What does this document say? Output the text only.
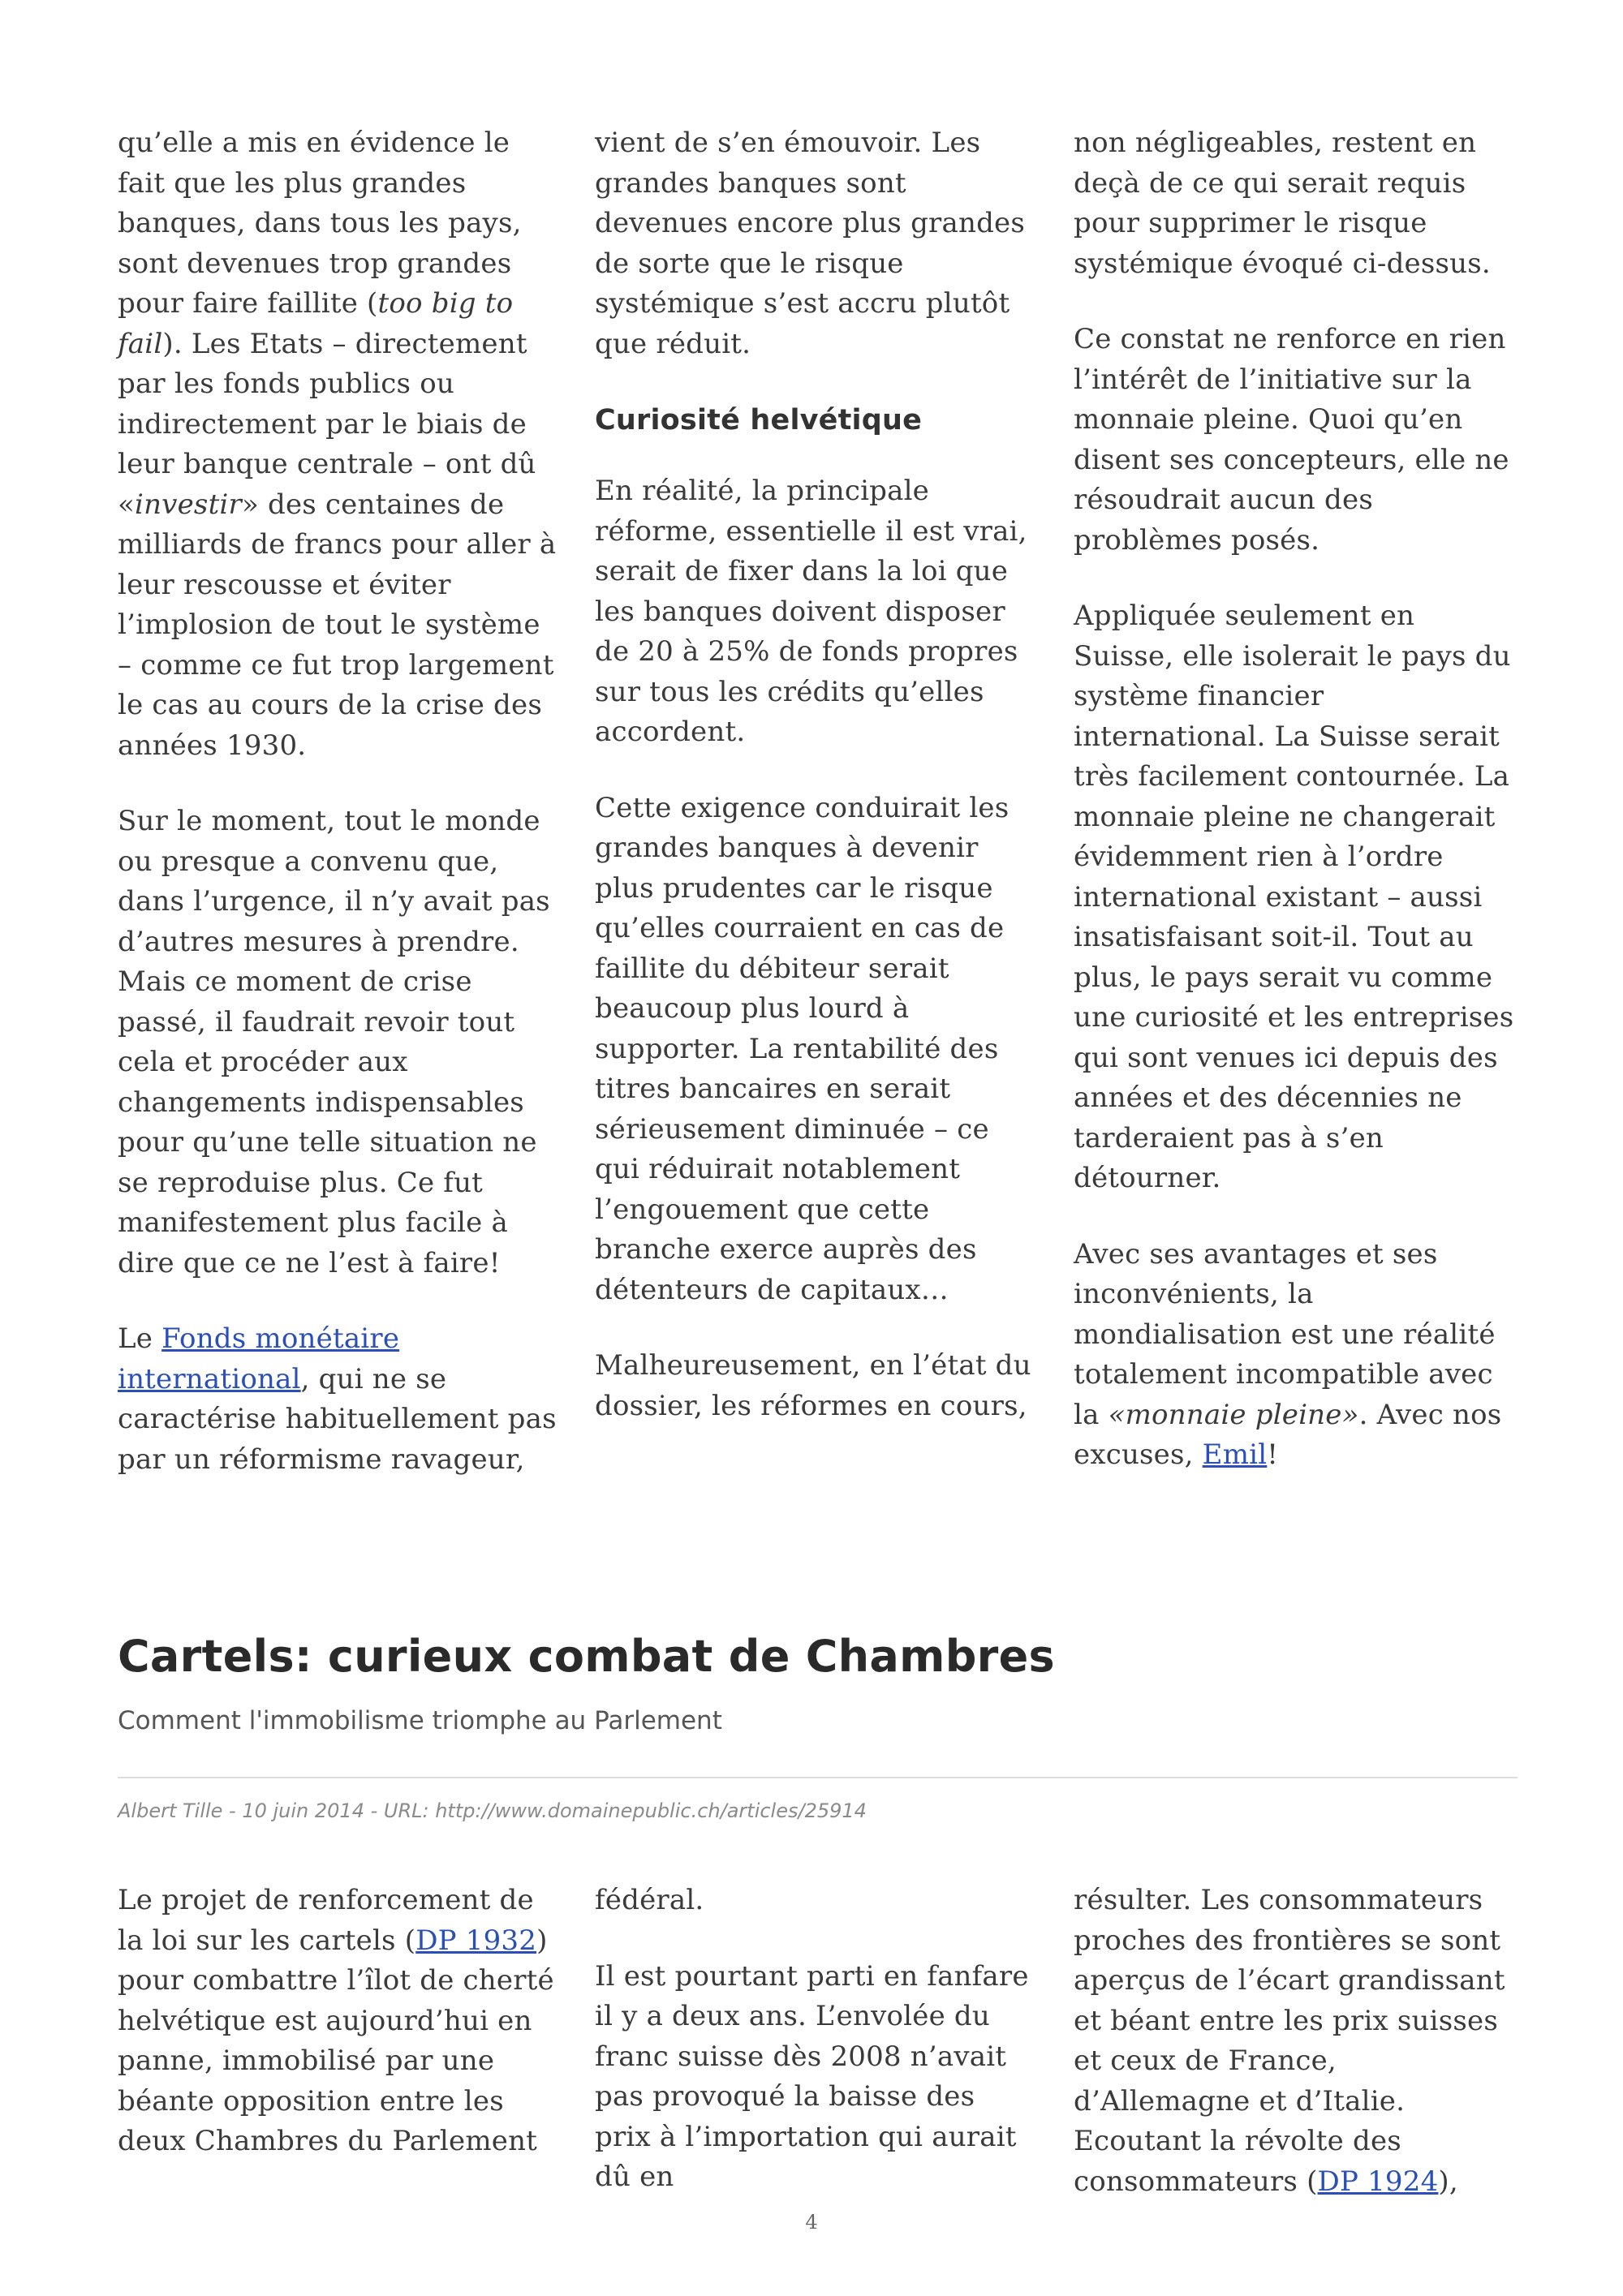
qu’elle a mis en évidence le fait que les plus grandes banques, dans tous les pays, sont devenues trop grandes pour faire faillite (too big to fail). Les Etats – directement par les fonds publics ou indirectement par le biais de leur banque centrale – ont dû «investir» des centaines de milliards de francs pour aller à leur rescousse et éviter l’implosion de tout le système – comme ce fut trop largement le cas au cours de la crise des années 1930.

Sur le moment, tout le monde ou presque a convenu que, dans l’urgence, il n’y avait pas d’autres mesures à prendre. Mais ce moment de crise passé, il faudrait revoir tout cela et procéder aux changements indispensables pour qu’une telle situation ne se reproduise plus. Ce fut manifestement plus facile à dire que ce ne l’est à faire!

Le Fonds monétaire international, qui ne se caractérise habituellement pas par un réformisme ravageur,

vient de s’en émouvoir. Les grandes banques sont devenues encore plus grandes de sorte que le risque systémique s’est accru plutôt que réduit.

Curiosité helvétique

En réalité, la principale réforme, essentielle il est vrai, serait de fixer dans la loi que les banques doivent disposer de 20 à 25% de fonds propres sur tous les crédits qu’elles accordent.

Cette exigence conduirait les grandes banques à devenir plus prudentes car le risque qu’elles courraient en cas de faillite du débiteur serait beaucoup plus lourd à supporter. La rentabilité des titres bancaires en serait sérieusement diminuée – ce qui réduirait notablement l’engouement que cette branche exerce auprès des détenteurs de capitaux…

Malheureusement, en l’état du dossier, les réformes en cours,

non négligeables, restent en deçà de ce qui serait requis pour supprimer le risque systémique évoqué ci-dessus.

Ce constat ne renforce en rien l’intérêt de l’initiative sur la monnaie pleine. Quoi qu’en disent ses concepteurs, elle ne résoudrait aucun des problèmes posés.

Appliquée seulement en Suisse, elle isolerait le pays du système financier international. La Suisse serait très facilement contournée. La monnaie pleine ne changerait évidemment rien à l’ordre international existant – aussi insatisfaisant soit-il. Tout au plus, le pays serait vu comme une curiosité et les entreprises qui sont venues ici depuis des années et des décennies ne tarderaient pas à s’en détourner.

Avec ses avantages et ses inconvénients, la mondialisation est une réalité totalement incompatible avec la «monnaie pleine». Avec nos excuses, Emil!

Cartels: curieux combat de Chambres
Comment l'immobilisme triomphe au Parlement
Albert Tille - 10 juin 2014 - URL: http://www.domainepublic.ch/articles/25914

Le projet de renforcement de la loi sur les cartels (DP 1932) pour combattre l’îlot de cherté helvétique est aujourd’hui en panne, immobilisé par une béante opposition entre les deux Chambres du Parlement

fédéral.

Il est pourtant parti en fanfare il y a deux ans. L’envolée du franc suisse dès 2008 n’avait pas provoqué la baisse des prix à l’importation qui aurait dû en

résulter. Les consommateurs proches des frontières se sont aperçus de l’écart grandissant et béant entre les prix suisses et ceux de France, d’Allemagne et d’Italie. Ecoutant la révolte des consommateurs (DP 1924),

4
